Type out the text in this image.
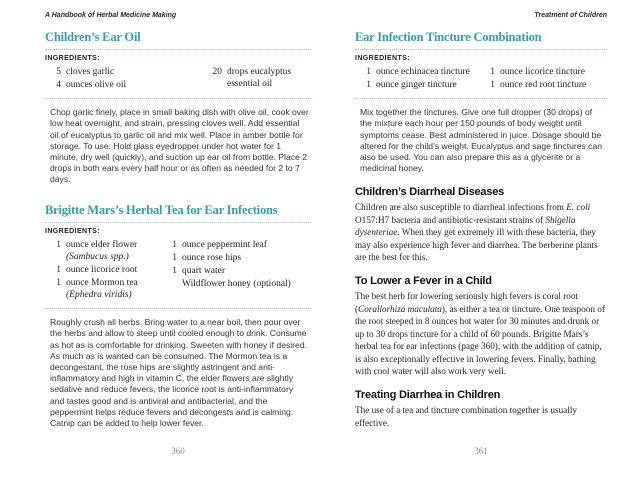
A Handbook of Herbal Medicine Making
Children’s Ear Oil
INGREDIENTS:
5 cloves garlic
4 ounces olive oil
20 drops eucalyptus essential oil
Chop garlic finely, place in small baking dish with olive oil, cook over low heat overnight, and strain, pressing cloves well. Add essential oil of eucalyptus to garlic oil and mix well. Place in amber bottle for storage. To use: Hold glass eyedropper under hot water for 1 minute, dry well (quickly), and suction up ear oil from bottle. Place 2 drops in both ears every half hour or as often as needed for 2 to 7 days.
Brigitte Mars’s Herbal Tea for Ear Infections
INGREDIENTS:
1 ounce elder flower
(Sambucus spp.)
1 ounce licorice root
1 ounce Mormon tea
(Ephedra viridis)
1 ounce peppermint leaf
1 ounce rose hips
1 quart water
Wildflower honey (optional)
Roughly crush all herbs. Bring water to a near boil, then pour over the herbs and allow to steep until cooled enough to drink. Consume as hot as is comfortable for drinking. Sweeten with honey if desired. As much as is wanted can be consumed. The Mormon tea is a decongestant, the rose hips are slightly astringent and anti-inflammatory and high in vitamin C, the elder flowers are slightly sedative and reduce fevers, the licorice root is anti-inflammatory and tastes good and is antiviral and antibacterial, and the peppermint helps reduce fevers and decongests and is calming. Catnip can be added to help lower fever.
Treatment of Children
Ear Infection Tincture Combination
INGREDIENTS:
1 ounce echinacea tincture
1 ounce ginger tincture
1 ounce licorice tincture
1 ounce red root tincture
Mix together the tinctures. Give one full dropper (30 drops) of the mixture each hour per 150 pounds of body weight until symptoms cease. Best administered in juice. Dosage should be altered for the child’s weight. Eucalyptus and sage tinctures can also be used. You can also prepare this as a glycerite or a medicinal honey.
Children’s Diarrheal Diseases
Children are also susceptible to diarrheal infections from E. coli O157:H7 bacteria and antibiotic-resistant strains of Shigella dysenteriae. When they get extremely ill with these bacteria, they may also experience high fever and diarrhea. The berberine plants are the best for this.
To Lower a Fever in a Child
The best herb for lowering seriously high fevers is coral root (Corallorhiza maculata), as either a tea or tincture. One teaspoon of the root steeped in 8 ounces hot water for 30 minutes and drunk or up to 30 drops tincture for a child of 60 pounds. Brigitte Mars’s herbal tea for ear infections (page 360), with the addition of catnip, is also exceptionally effective in lowering fevers. Finally, bathing with cool water will also work very well.
Treating Diarrhea in Children
The use of a tea and tincture combination together is usually effective.
360	361
